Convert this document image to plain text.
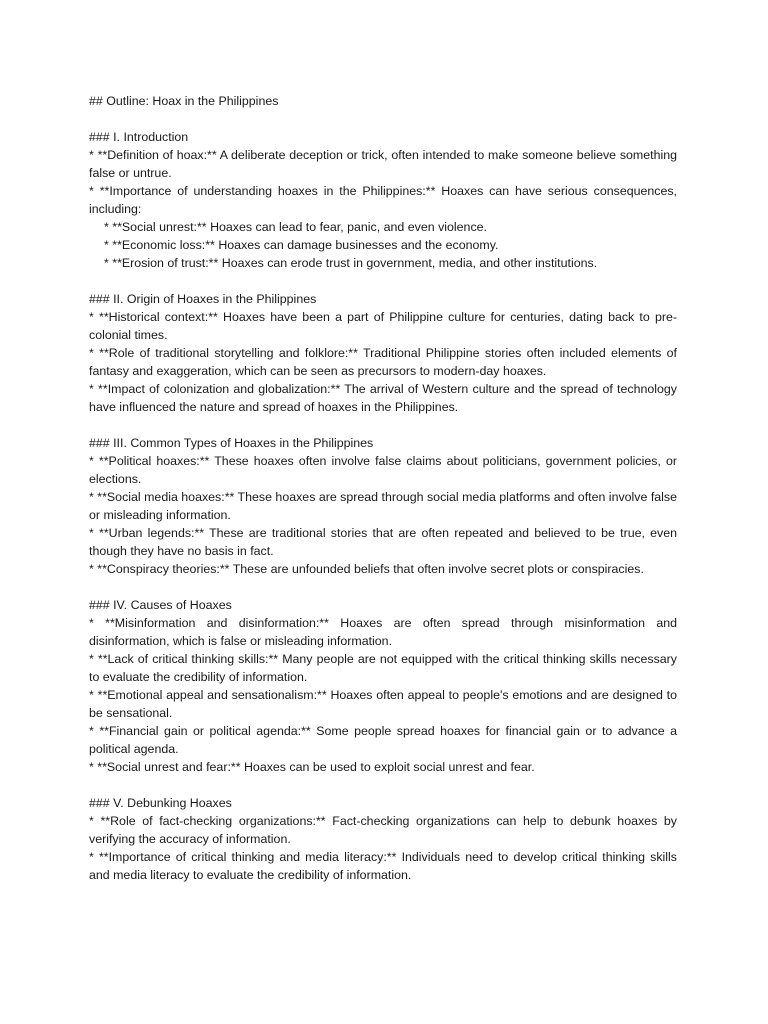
## Outline: Hoax in the Philippines

### I. Introduction

* **Definition of hoax:** A deliberate deception or trick, often intended to make someone believe something false or untrue.

* **Importance of understanding hoaxes in the Philippines:** Hoaxes can have serious consequences, including:

* **Social unrest:** Hoaxes can lead to fear, panic, and even violence.

* **Economic loss:** Hoaxes can damage businesses and the economy.

* **Erosion of trust:** Hoaxes can erode trust in government, media, and other institutions.

### II. Origin of Hoaxes in the Philippines

* **Historical context:** Hoaxes have been a part of Philippine culture for centuries, dating back to pre-colonial times.

* **Role of traditional storytelling and folklore:** Traditional Philippine stories often included elements of fantasy and exaggeration, which can be seen as precursors to modern-day hoaxes.

* **Impact of colonization and globalization:** The arrival of Western culture and the spread of technology have influenced the nature and spread of hoaxes in the Philippines.

### III. Common Types of Hoaxes in the Philippines

* **Political hoaxes:** These hoaxes often involve false claims about politicians, government policies, or elections.

* **Social media hoaxes:** These hoaxes are spread through social media platforms and often involve false or misleading information.

* **Urban legends:** These are traditional stories that are often repeated and believed to be true, even though they have no basis in fact.

* **Conspiracy theories:** These are unfounded beliefs that often involve secret plots or conspiracies.

### IV. Causes of Hoaxes

* **Misinformation and disinformation:** Hoaxes are often spread through misinformation and disinformation, which is false or misleading information.

* **Lack of critical thinking skills:** Many people are not equipped with the critical thinking skills necessary to evaluate the credibility of information.

* **Emotional appeal and sensationalism:** Hoaxes often appeal to people's emotions and are designed to be sensational.

* **Financial gain or political agenda:** Some people spread hoaxes for financial gain or to advance a political agenda.

* **Social unrest and fear:** Hoaxes can be used to exploit social unrest and fear.

### V. Debunking Hoaxes

* **Role of fact-checking organizations:** Fact-checking organizations can help to debunk hoaxes by verifying the accuracy of information.

* **Importance of critical thinking and media literacy:** Individuals need to develop critical thinking skills and media literacy to evaluate the credibility of information.
